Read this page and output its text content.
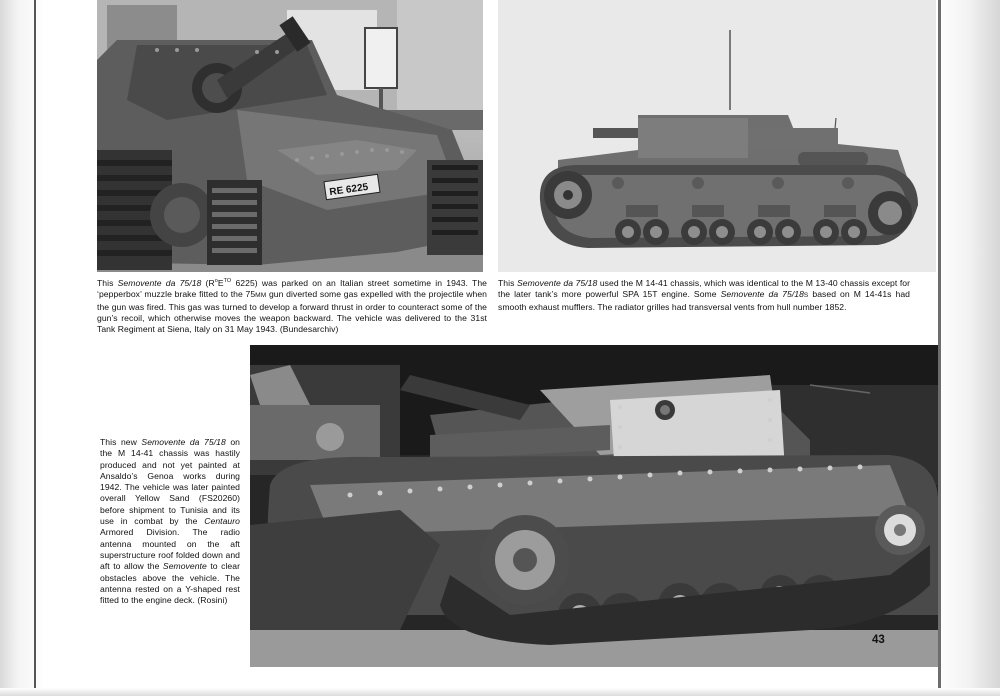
RE 6225

This Semovente da 75/18 ($R^oE^{TO}$ 6225) was parked on an Italian street sometime in 1943. The ‘pepperbox’ muzzle brake fitted to the 75MM gun diverted some gas expelled with the projectile when the gun was fired. This gas was turned to develop a forward thrust in order to counteract some of the gun’s recoil, which otherwise moves the weapon backward. The vehicle was delivered to the 31st Tank Regiment at Siena, Italy on 31 May 1943. (Bundesarchiv)

This Semovente da 75/18 used the M 14-41 chassis, which was identical to the M 13-40 chassis except for the later tank’s more powerful SPA 15T engine. Some Semovente da 75/18S based on M 14-41s had smooth exhaust mufflers. The radiator grilles had transversal vents from hull number 1852.

This new Semovente da 75/18 on the M 14-41 chassis was hastily produced and not yet painted at Ansaldo’s Genoa works during 1942. The vehicle was later painted overall Yellow Sand (FS20260) before shipment to Tunisia and its use in combat by the Centauro Armored Division. The radio antenna mounted on the aft superstructure roof folded down and aft to allow the Semovente to clear obstacles above the vehicle. The antenna rested on a Y-shaped rest fitted to the engine deck. (Rosini)

43
